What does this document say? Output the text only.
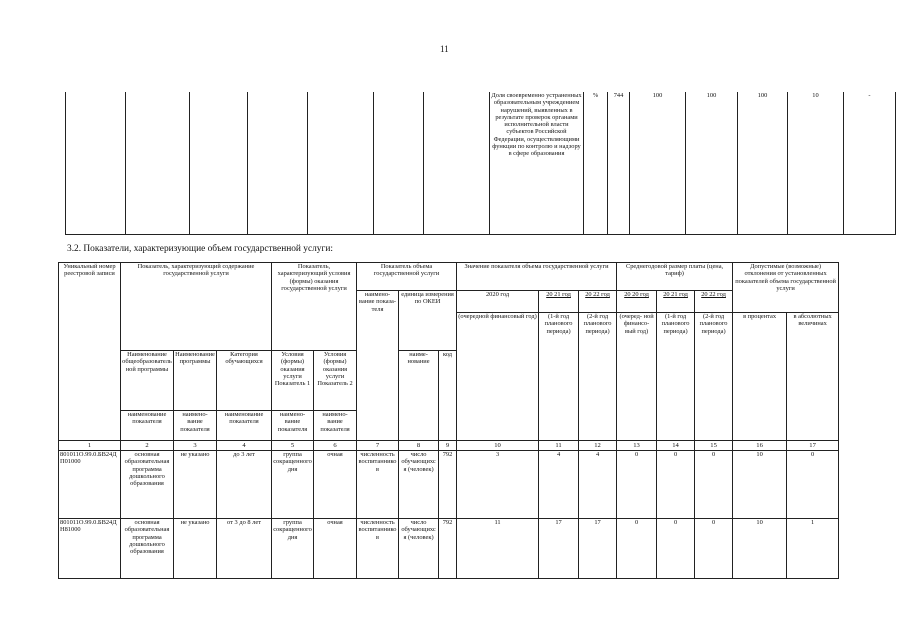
11
							Доля своевременно устраненных образовательным учреждением нарушений, выявленных в результате проверок органами исполнительной власти субъектов Российской Федерации, осуществляющими функции по контролю и надзору в сфере образования	%	744	100	100	100	10	-
3.2. Показатели, характеризующие объем государственной услуги:
Уникальный номер реестровой записи	Показатель, характеризующий содержание государственной услуги			Показатель, характеризующий условия (формы) оказания государственной услуги		Показатель объема государственной услуги			Значение показателя объема государственной услуги			Среднегодовой размер платы (цена, тариф)			Допустимые (возможные) отклонения от установленных показателей объема государственной услуги	
						наимено- вание показа- теля	единица измерения по ОКЕИ		2020 год	20 21 год	20 22 год	20 20 год	20 21 год	20 22 год		
									(очередной финансовый год)	(1-й год планового периода)	(2-й год планового периода)	(очеред- ной финансо- вый год)	(1-й год планового периода)	(2-й год планового периода)	в процентах	в абсолютных величинах
	Наименование общеобразовательной программы	Наименование программы	Категория обучающихся	Условия (формы) оказания услуги Показатель 1	Условия (формы) оказания услуги Показатель 2		наиме- нование	код								
	наименование показателя	наимено- вание показателя	наименование показателя	наимено- вание показателя	наимено- вание показателя											
1	2	3	4	5	6	7	8	9	10	11	12	13	14	15	16	17
801011О.99.0.БВ24ДП01000	основная образовательная программа дошкольного образования	не указано	до 3 лет	группа сокращенного дня	очная	численность воспитанников	число обучающихся (человек)	792	3	4	4	0	0	0	10	0
801011О.99.0.БВ24ДН81000	основная образовательная программа дошкольного образования	не указано	от 3 до 8 лет	группа сокращенного дня	очная	численность воспитанников	число обучающихся (человек)	792	11	17	17	0	0	0	10	1
